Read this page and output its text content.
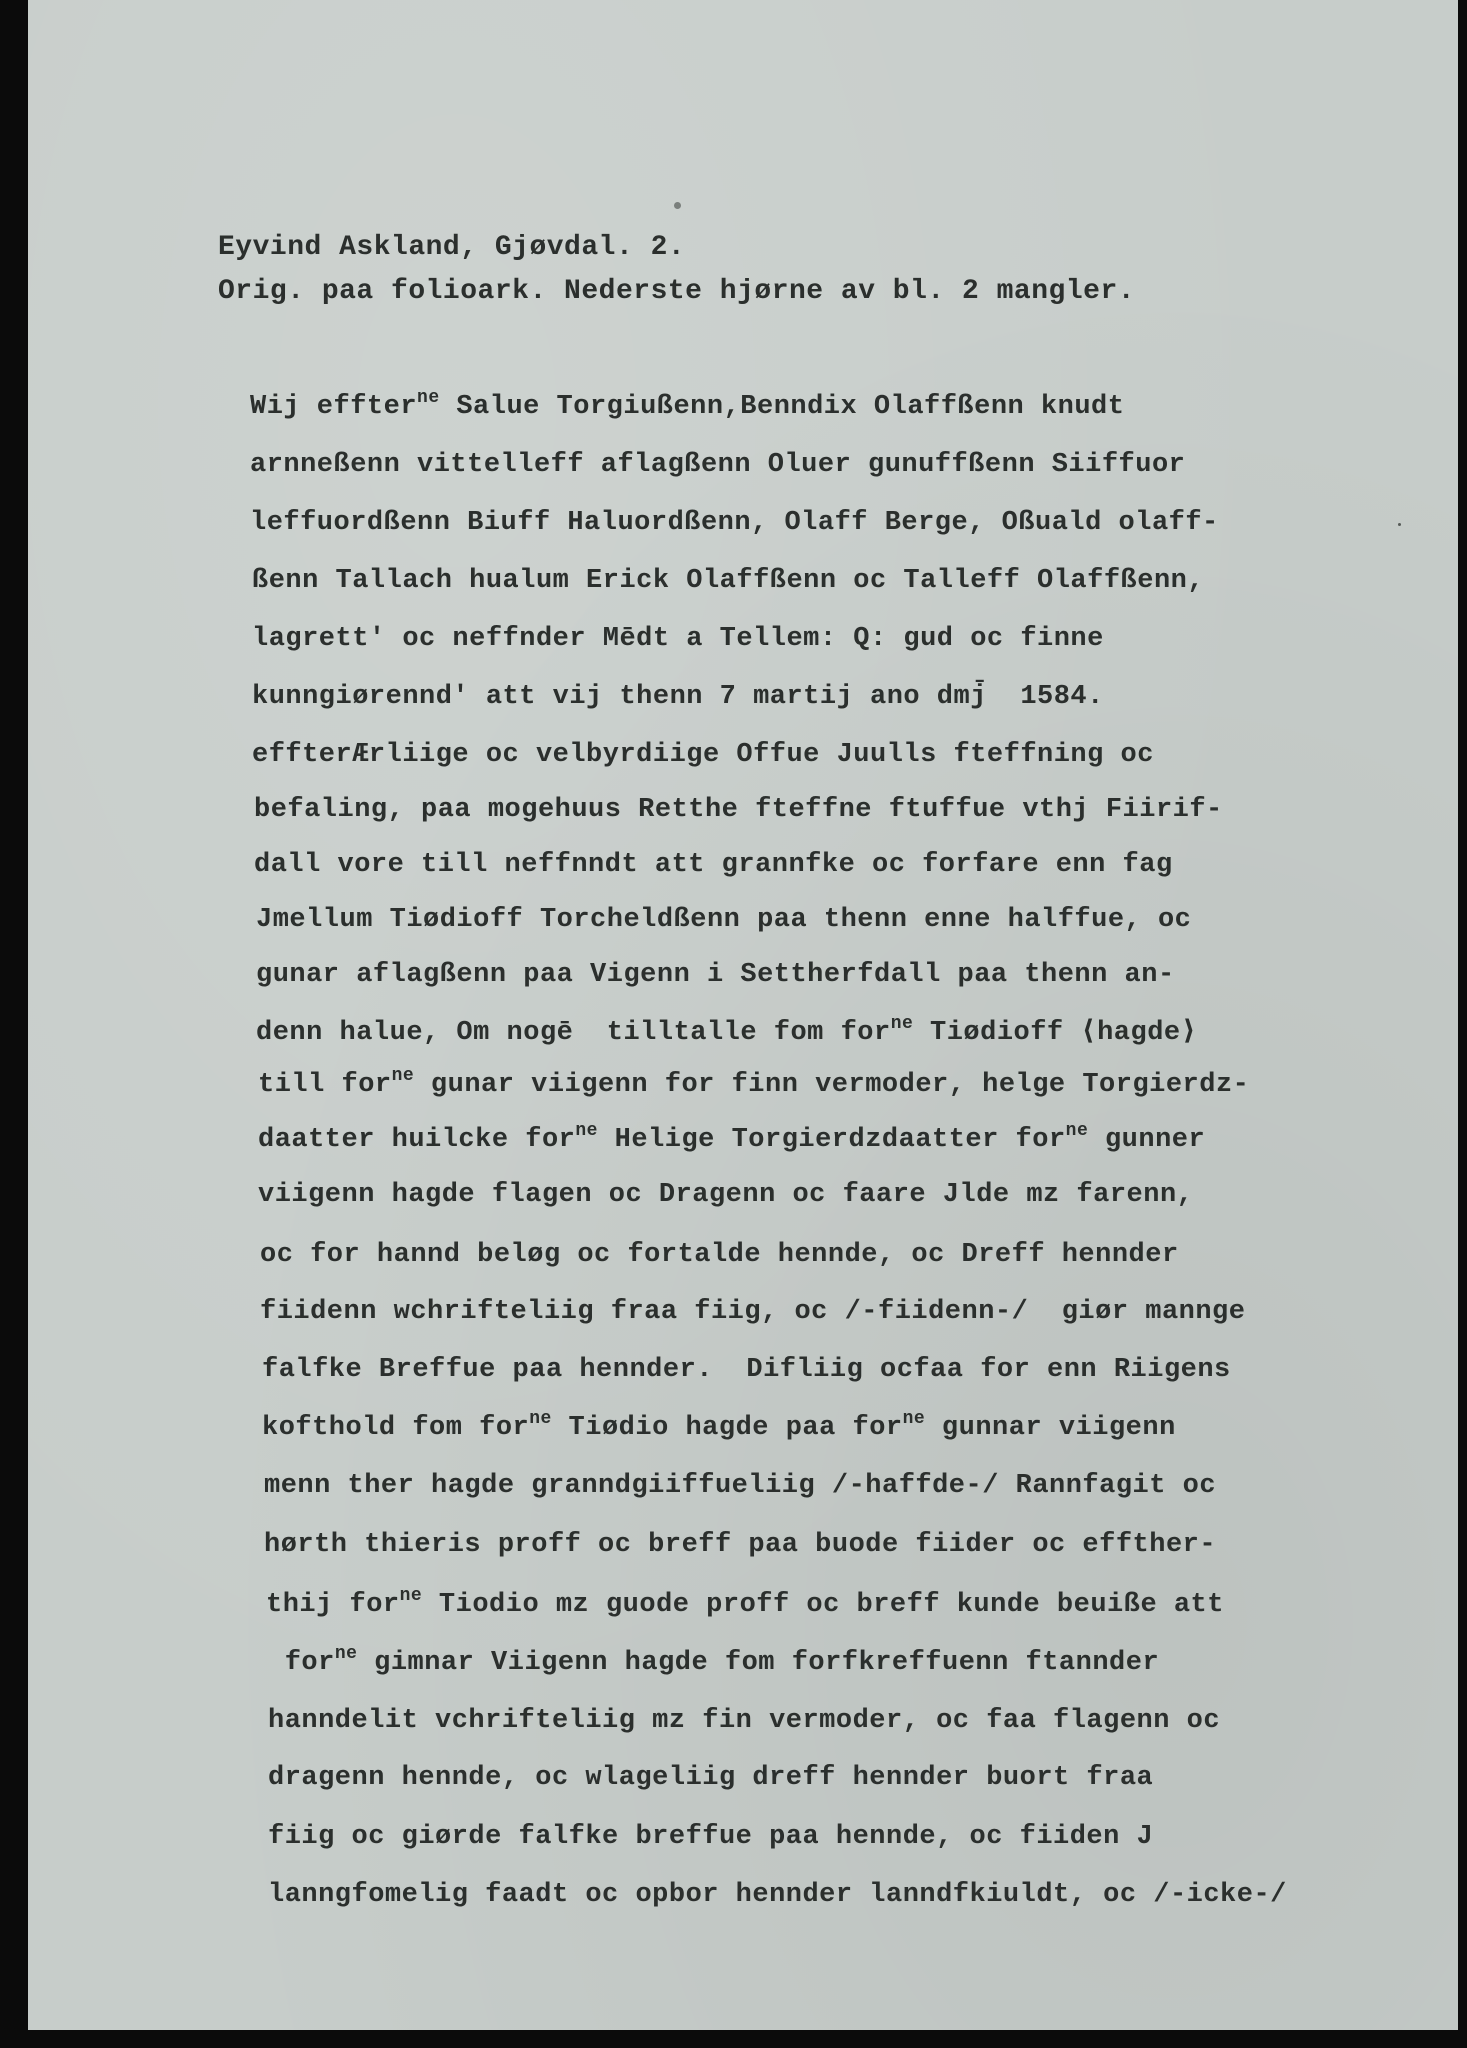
Eyvind Askland, Gjøvdal. 2.

Orig. paa folioark. Nederste hjørne av bl. 2 mangler.

Wij effter$^{ne}$ Salue Torgiußenn,Benndix Olaffßenn knudt

arnneßenn vittelleff aflagßenn Oluer gunuffßenn Siiffuor

leffuordßenn Biuff Haluordßenn, Olaff Berge, Oßuald olaff-

ßenn Tallach hualum Erick Olaffßenn oc Talleff Olaffßenn,

lagrett' oc neffnder Mēdt a Tellem: Q: gud oc finne

kunngiørennd' att vij thenn 7 martij ano dmj̄  1584.

effterÆrliige oc velbyrdiige Offue Juulls fteffning oc

befaling, paa mogehuus Retthe fteffne ftuffue vthj Fiirif-

dall vore till neffnndt att grannfke oc forfare enn fag

Jmellum Tiødioff Torcheldßenn paa thenn enne halffue, oc

gunar aflagßenn paa Vigenn i Settherfdall paa thenn an-

denn halue, Om nogē  tilltalle fom for$^{ne}$ Tiødioff ⟨hagde⟩

till for$^{ne}$ gunar viigenn for finn vermoder, helge Torgierdz-

daatter huilcke for$^{ne}$ Helige Torgierdzdaatter for$^{ne}$ gunner

viigenn hagde flagen oc Dragenn oc faare Jlde mz farenn,

oc for hannd beløg oc fortalde hennde, oc Dreff hennder

fiidenn wchrifteliig fraa fiig, oc /-fiidenn-/  giør mannge

falfke Breffue paa hennder.  Difliig ocfaa for enn Riigens

kofthold fom for$^{ne}$ Tiødio hagde paa for$^{ne}$ gunnar viigenn

menn ther hagde granndgiiffueliig /-haffde-/ Rannfagit oc

hørth thieris proff oc breff paa buode fiider oc effther-

thij for$^{ne}$ Tiodio mz guode proff oc breff kunde beuiße att

for$^{ne}$ gimnar Viigenn hagde fom forfkreffuenn ftannder

hanndelit vchrifteliig mz fin vermoder, oc faa flagenn oc

dragenn hennde, oc wlageliig dreff hennder buort fraa

fiig oc giørde falfke breffue paa hennde, oc fiiden J

lanngfomelig faadt oc opbor hennder lanndfkiuldt, oc /-icke-/
